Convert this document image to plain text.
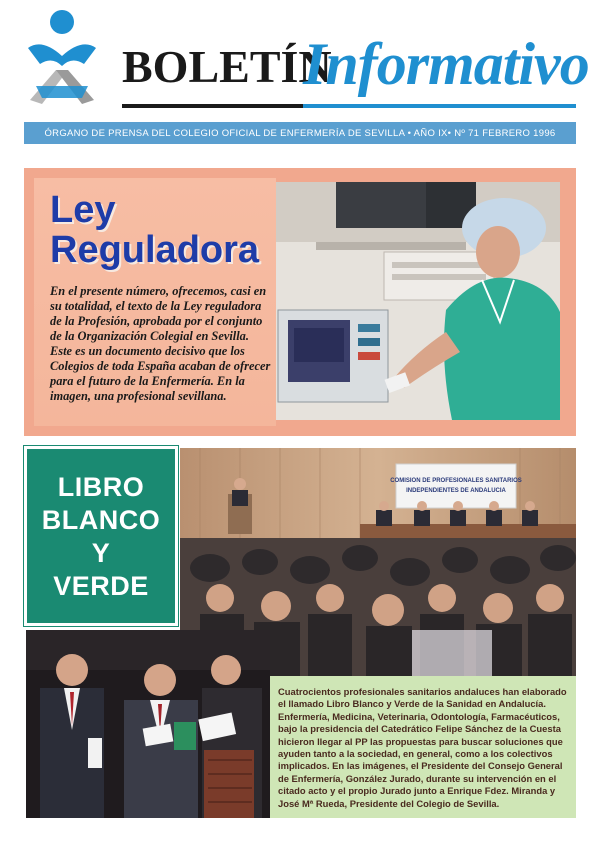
BOLETÍN
Informativo
ÓRGANO DE PRENSA DEL COLEGIO OFICIAL DE ENFERMERÍA DE SEVILLA • AÑO IX• Nº 71 FEBRERO 1996
Ley
Reguladora
En el presente número, ofrecemos, casi en su totalidad, el texto de la Ley reguladora de la Profesión, aprobada por el conjunto de la Organización Colegial en Sevilla. Este es un documento decisivo que los Colegios de toda España acaban de ofrecer para el futuro de la Enfermería. En la imagen, una profesional sevillana.
LIBRO
BLANCO
Y
VERDE
COMISION DE PROFESIONALES SANITARIOS
INDEPENDIENTES DE ANDALUCIA
Cuatrocientos profesionales sanitarios andaluces han elaborado el llamado Libro Blanco y Verde de la Sanidad en Andalucía. Enfermería, Medicina, Veterinaria, Odontología, Farmacéuticos, bajo la presidencia del Catedrático Felipe Sánchez de la Cuesta hicieron llegar al PP las propuestas para buscar soluciones que ayuden tanto a la sociedad, en general, como a los colectivos implicados. En las imágenes, el Presidente del Consejo General de Enfermería, González Jurado, durante su intervención en el citado acto y el propio Jurado junto a Enrique Fdez. Miranda y José Mª Rueda, Presidente del Colegio de Sevilla.
